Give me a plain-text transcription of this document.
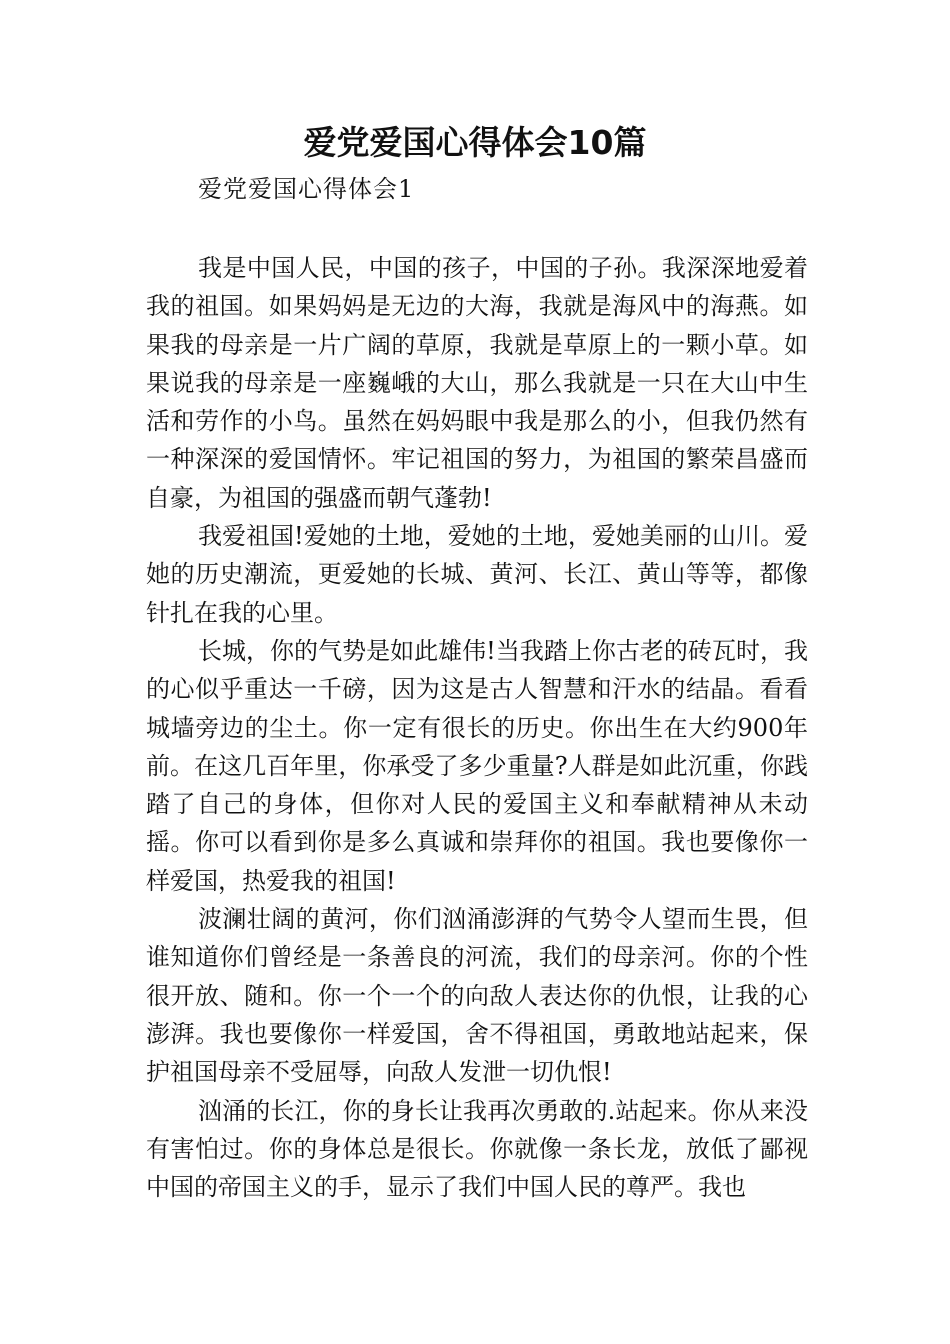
爱党爱国心得体会10篇
爱党爱国心得体会1

我是中国人民，中国的孩子，中国的子孙。我深深地爱着我的祖国。如果妈妈是无边的大海，我就是海风中的海燕。如果我的母亲是一片广阔的草原，我就是草原上的一颗小草。如果说我的母亲是一座巍峨的大山，那么我就是一只在大山中生活和劳作的小鸟。虽然在妈妈眼中我是那么的小，但我仍然有一种深深的爱国情怀。牢记祖国的努力，为祖国的繁荣昌盛而自豪，为祖国的强盛而朝气蓬勃!

我爱祖国!爱她的土地，爱她的土地，爱她美丽的山川。爱她的历史潮流，更爱她的长城、黄河、长江、黄山等等，都像针扎在我的心里。

长城，你的气势是如此雄伟!当我踏上你古老的砖瓦时，我的心似乎重达一千磅，因为这是古人智慧和汗水的结晶。看看城墙旁边的尘土。你一定有很长的历史。你出生在大约900年前。在这几百年里，你承受了多少重量?人群是如此沉重，你践踏了自己的身体，但你对人民的爱国主义和奉献精神从未动摇。你可以看到你是多么真诚和崇拜你的祖国。我也要像你一样爱国，热爱我的祖国!

波澜壮阔的黄河，你们汹涌澎湃的气势令人望而生畏，但谁知道你们曾经是一条善良的河流，我们的母亲河。你的个性很开放、随和。你一个一个的向敌人表达你的仇恨，让我的心澎湃。我也要像你一样爱国，舍不得祖国，勇敢地站起来，保护祖国母亲不受屈辱，向敌人发泄一切仇恨!

汹涌的长江，你的身长让我再次勇敢的.站起来。你从来没有害怕过。你的身体总是很长。你就像一条长龙，放低了鄙视中国的帝国主义的手，显示了我们中国人民的尊严。我也
